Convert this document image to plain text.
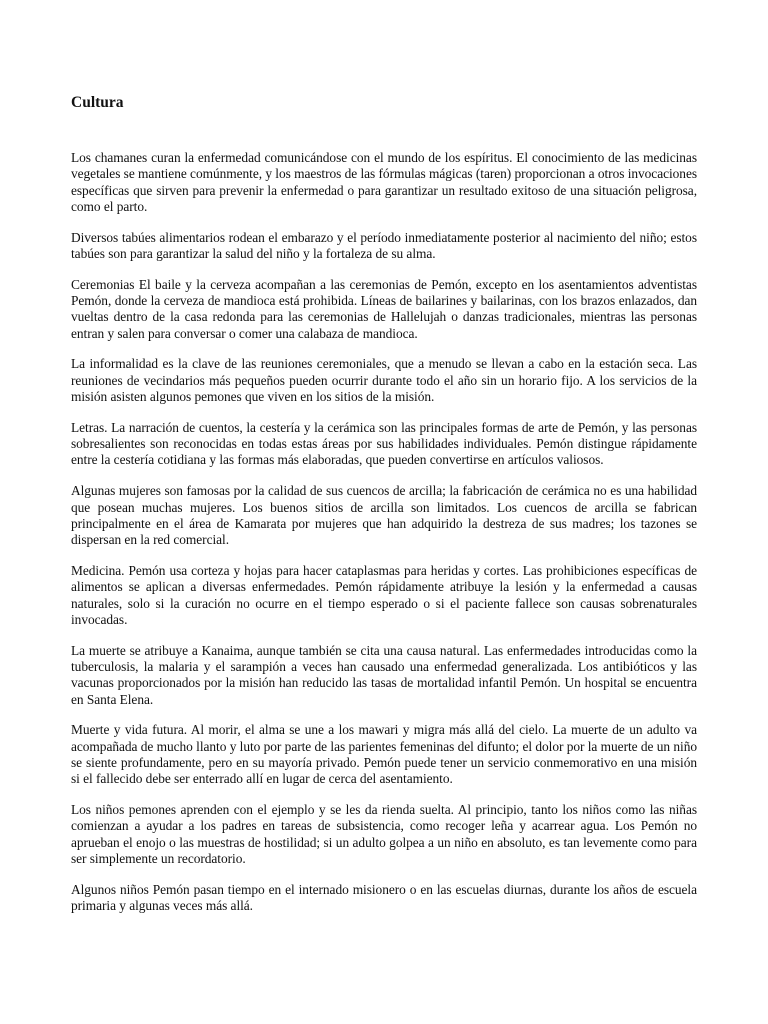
Cultura

Los chamanes curan la enfermedad comunicándose con el mundo de los espíritus. El conocimiento de las medicinas vegetales se mantiene comúnmente, y los maestros de las fórmulas mágicas (taren) proporcionan a otros invocaciones específicas que sirven para prevenir la enfermedad o para garantizar un resultado exitoso de una situación peligrosa, como el parto.

Diversos tabúes alimentarios rodean el embarazo y el período inmediatamente posterior al nacimiento del niño; estos tabúes son para garantizar la salud del niño y la fortaleza de su alma.

Ceremonias El baile y la cerveza acompañan a las ceremonias de Pemón, excepto en los asentamientos adventistas Pemón, donde la cerveza de mandioca está prohibida. Líneas de bailarines y bailarinas, con los brazos enlazados, dan vueltas dentro de la casa redonda para las ceremonias de Hallelujah o danzas tradicionales, mientras las personas entran y salen para conversar o comer una calabaza de mandioca.

La informalidad es la clave de las reuniones ceremoniales, que a menudo se llevan a cabo en la estación seca. Las reuniones de vecindarios más pequeños pueden ocurrir durante todo el año sin un horario fijo. A los servicios de la misión asisten algunos pemones que viven en los sitios de la misión.

Letras. La narración de cuentos, la cestería y la cerámica son las principales formas de arte de Pemón, y las personas sobresalientes son reconocidas en todas estas áreas por sus habilidades individuales. Pemón distingue rápidamente entre la cestería cotidiana y las formas más elaboradas, que pueden convertirse en artículos valiosos.

Algunas mujeres son famosas por la calidad de sus cuencos de arcilla; la fabricación de cerámica no es una habilidad que posean muchas mujeres. Los buenos sitios de arcilla son limitados. Los cuencos de arcilla se fabrican principalmente en el área de Kamarata por mujeres que han adquirido la destreza de sus madres; los tazones se dispersan en la red comercial.

Medicina. Pemón usa corteza y hojas para hacer cataplasmas para heridas y cortes. Las prohibiciones específicas de alimentos se aplican a diversas enfermedades. Pemón rápidamente atribuye la lesión y la enfermedad a causas naturales, solo si la curación no ocurre en el tiempo esperado o si el paciente fallece son causas sobrenaturales invocadas.

La muerte se atribuye a Kanaima, aunque también se cita una causa natural. Las enfermedades introducidas como la tuberculosis, la malaria y el sarampión a veces han causado una enfermedad generalizada. Los antibióticos y las vacunas proporcionados por la misión han reducido las tasas de mortalidad infantil Pemón. Un hospital se encuentra en Santa Elena.

Muerte y vida futura. Al morir, el alma se une a los mawari y migra más allá del cielo. La muerte de un adulto va acompañada de mucho llanto y luto por parte de las parientes femeninas del difunto; el dolor por la muerte de un niño se siente profundamente, pero en su mayoría privado. Pemón puede tener un servicio conmemorativo en una misión si el fallecido debe ser enterrado allí en lugar de cerca del asentamiento.

Los niños pemones aprenden con el ejemplo y se les da rienda suelta. Al principio, tanto los niños como las niñas comienzan a ayudar a los padres en tareas de subsistencia, como recoger leña y acarrear agua. Los Pemón no aprueban el enojo o las muestras de hostilidad; si un adulto golpea a un niño en absoluto, es tan levemente como para ser simplemente un recordatorio.

Algunos niños Pemón pasan tiempo en el internado misionero o en las escuelas diurnas, durante los años de escuela primaria y algunas veces más allá.
